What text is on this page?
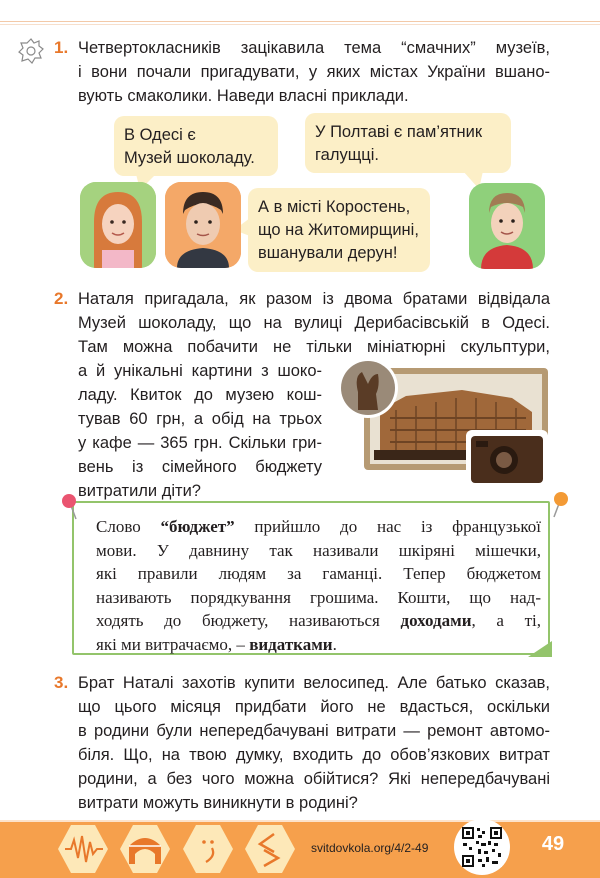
1. Четвертокласників зацікавила тема “смачних” музеїв,
і вони почали пригадувати, у яких містах України вшано-
вують смаколики. Наведи власні приклади.
В Одесі є
Музей шоколаду.
У Полтаві є пам’ятник
галущці.
А в місті Коростень,
що на Житомирщині,
вшанували дерун!
2. Наталя пригадала, як разом із двома братами відвідала
Музей шоколаду, що на вулиці Дерибасівській в Одесі.
Там можна побачити не тільки мініатюрні скульптури,
а й унікальні картини з шоко-
ладу. Квиток до музею кош-
тував 60 грн, а обід на трьох
у кафе — 365 грн. Скільки гри-
вень із сімейного бюджету
витратили діти?
Слово “бюджет” прийшло до нас із французької
мови. У давнину так називали шкіряні мішечки,
які правили людям за гаманці. Тепер бюджетом
називають порядкування грошима. Кошти, що над-
ходять до бюджету, називаються доходами, а ті,
які ми витрачаємо, – видатками.
3. Брат Наталі захотів купити велосипед. Але батько сказав,
що цього місяця придбати його не вдасться, оскільки
в родини були непередбачувані витрати — ремонт автомо-
біля. Що, на твою думку, входить до обов’язкових витрат
родини, а без чого можна обійтися? Які непередбачувані
витрати можуть виникнути в родині?
svitdovkola.org/4/2-49	49
